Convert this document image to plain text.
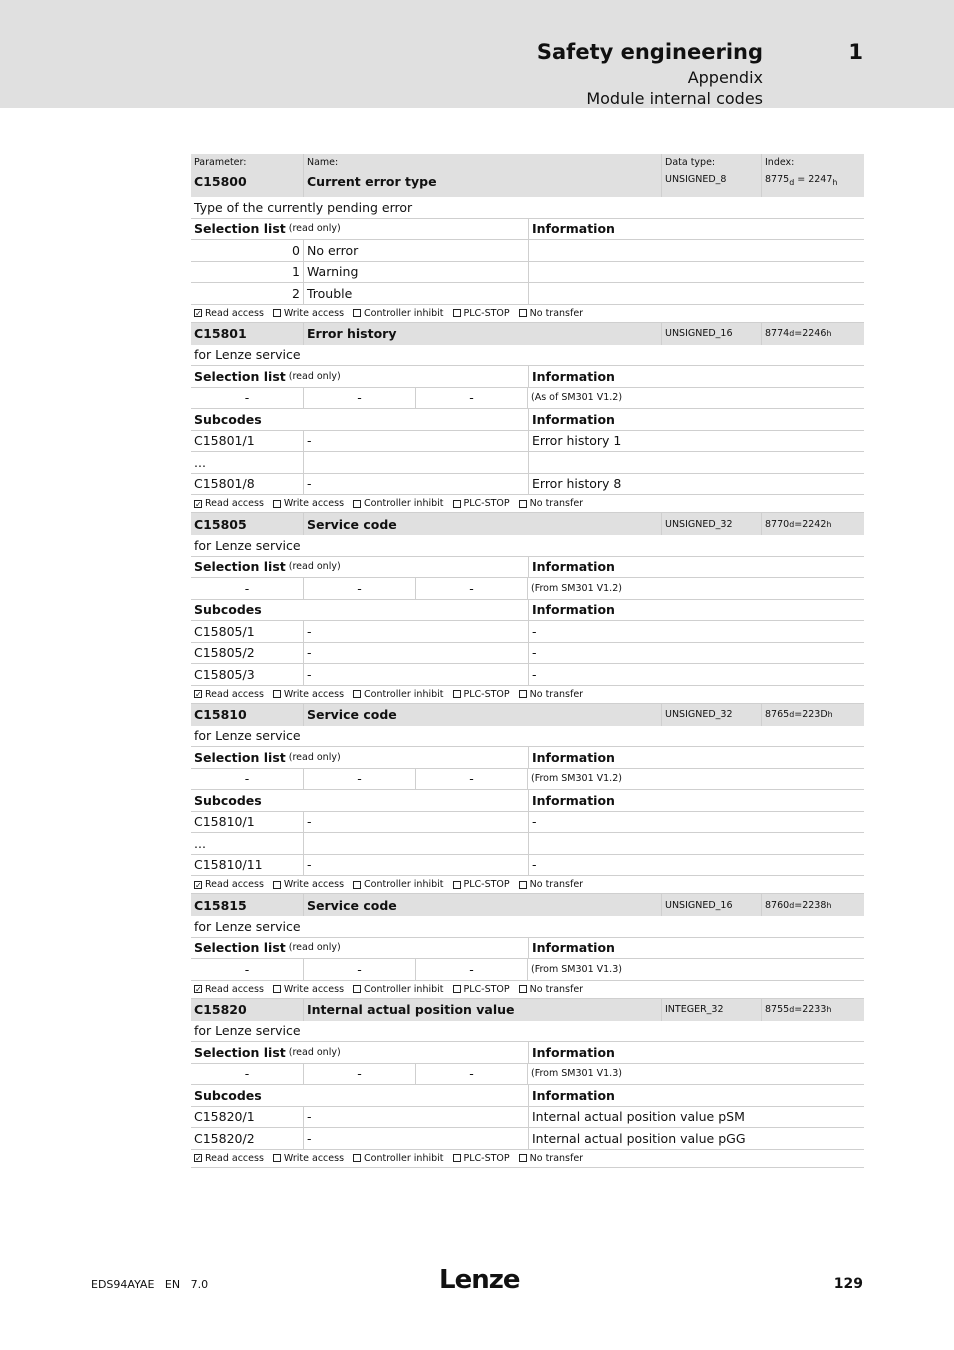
Safety engineering	1
Appendix
Module internal codes
Parameter:
C15800
Name:
Current error type
Data type:
UNSIGNED_8
Index:
$8775_d = 2247_h$
Type of the currently pending error
Selection list (read only)	Information
0 No error
1 Warning
2 Trouble
✓ Read access Write access Controller inhibit PLC-STOP No transfer
C15801	Error history	UNSIGNED_16	8774 d = 2246 h
for Lenze service
Selection list (read only)	Information
-	-	-	(As of SM301 V1.2)
Subcodes	Information
C15801/1	-	Error history 1
...
C15801/8	-	Error history 8
✓ Read access Write access Controller inhibit PLC-STOP No transfer
C15805	Service code	UNSIGNED_32	8770 d = 2242 h
for Lenze service
Selection list (read only)	Information
-	-	-	(From SM301 V1.2)
Subcodes	Information
C15805/1	-	-
C15805/2	-	-
C15805/3	-	-
✓ Read access Write access Controller inhibit PLC-STOP No transfer
C15810	Service code	UNSIGNED_32	8765 d = 223D h
for Lenze service
Selection list (read only)	Information
-	-	-	(From SM301 V1.2)
Subcodes	Information
C15810/1	-	-
...
C15810/11	-	-
✓ Read access Write access Controller inhibit PLC-STOP No transfer
C15815	Service code	UNSIGNED_16	8760 d = 2238 h
for Lenze service
Selection list (read only)	Information
-	-	-	(From SM301 V1.3)
✓ Read access Write access Controller inhibit PLC-STOP No transfer
C15820	Internal actual position value	INTEGER_32	8755 d = 2233 h
for Lenze service
Selection list (read only)	Information
-	-	-	(From SM301 V1.3)
Subcodes	Information
C15820/1	-	Internal actual position value pSM
C15820/2	-	Internal actual position value pGG
✓ Read access Write access Controller inhibit PLC-STOP No transfer
EDS94AYAE   EN   7.0	Lenze	129
